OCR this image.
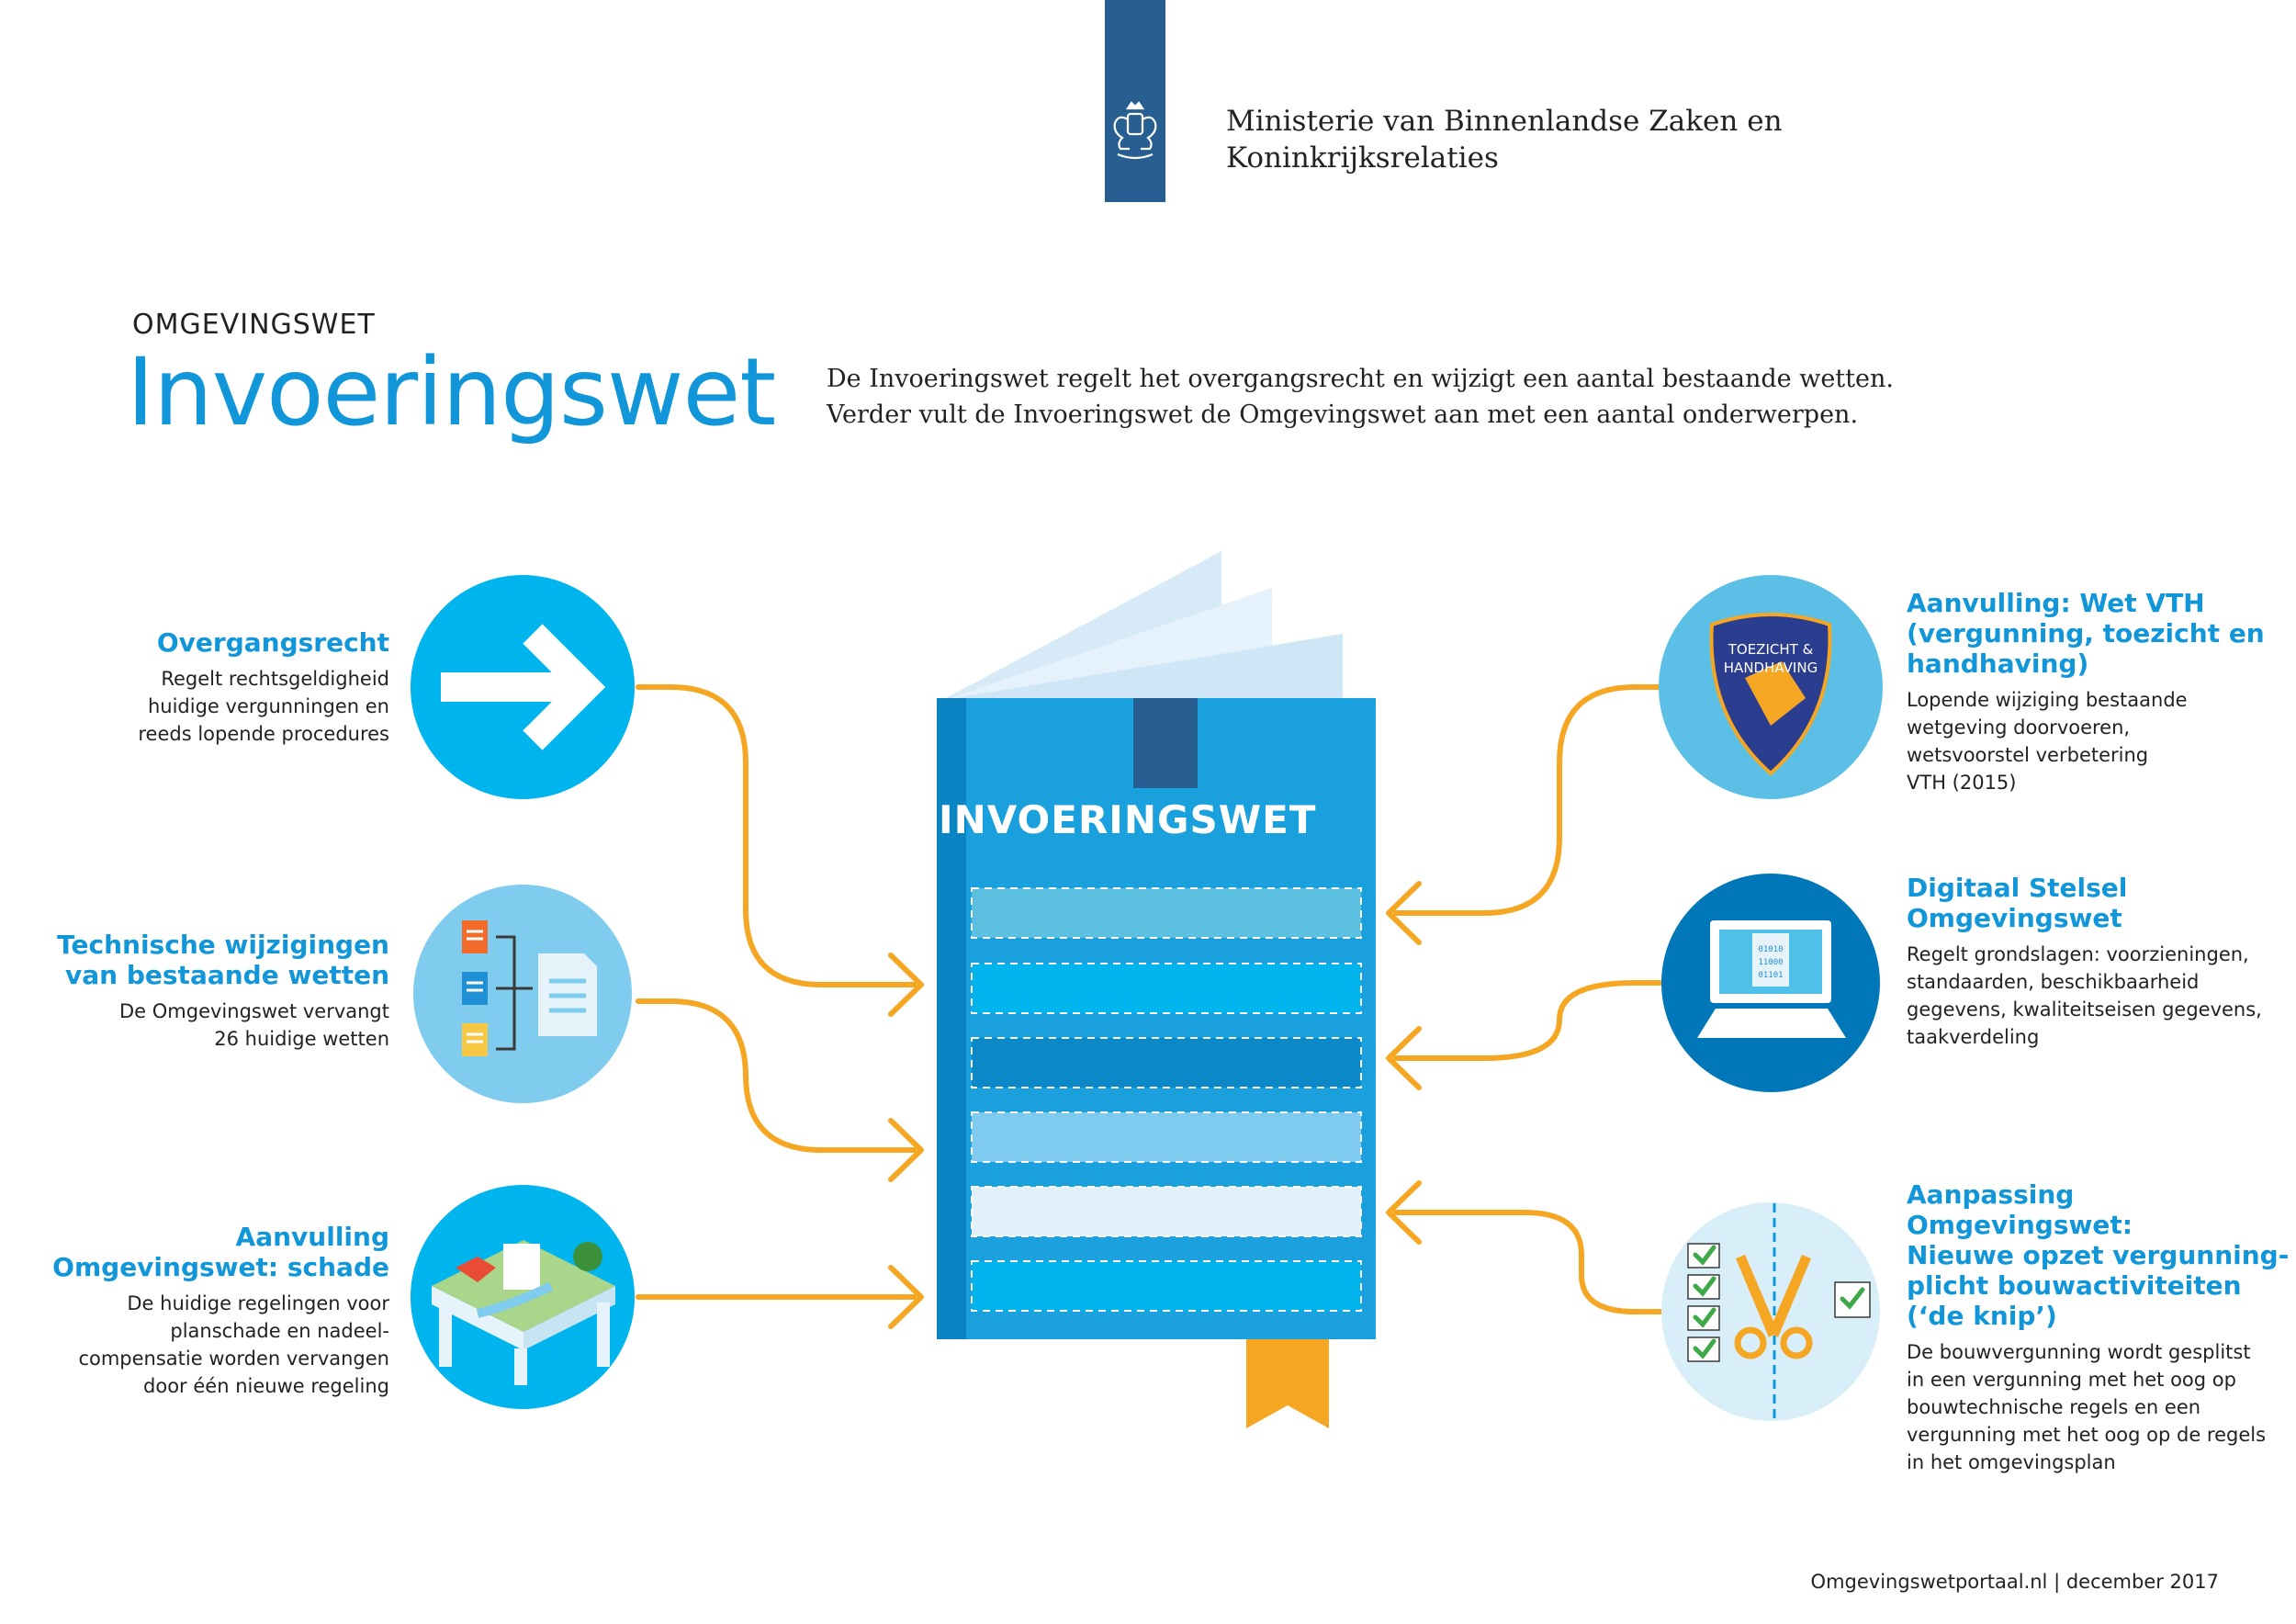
Ministerie van Binnenlandse Zaken en
Koninkrijksrelaties
OMGEVINGSWET
Invoeringswet De Invoeringswet regelt het overgangsrecht en wijzigt een aantal bestaande wetten.
Verder vult de Invoeringswet de Omgevingswet aan met een aantal onderwerpen.
TOEZICHT &
HANDHAVING
01010
11000
01101
INVOERINGSWET
Overgangsrecht
Regelt rechtsgeldigheid
huidige vergunningen en
reeds lopende procedures
Technische wijzigingen
van bestaande wetten
De Omgevingswet vervangt
26 huidige wetten
Aanvulling
Omgevingswet: schade
De huidige regelingen voor
planschade en nadeel-
compensatie worden vervangen
door één nieuwe regeling
Aanvulling: Wet VTH
(vergunning, toezicht en
handhaving)
Lopende wijziging bestaande
wetgeving doorvoeren,
wetsvoorstel verbetering
VTH (2015)
Digitaal Stelsel
Omgevingswet
Regelt grondslagen: voorzieningen,
standaarden, beschikbaarheid
gegevens, kwaliteitseisen gegevens,
taakverdeling
Aanpassing Omgevingswet:
Nieuwe opzet vergunning-
plicht bouwactiviteiten
(‘de knip’)
De bouwvergunning wordt gesplitst
in een vergunning met het oog op
bouwtechnische regels en een
vergunning met het oog op de regels
in het omgevingsplan
Omgevingswetportaal.nl | december 2017
